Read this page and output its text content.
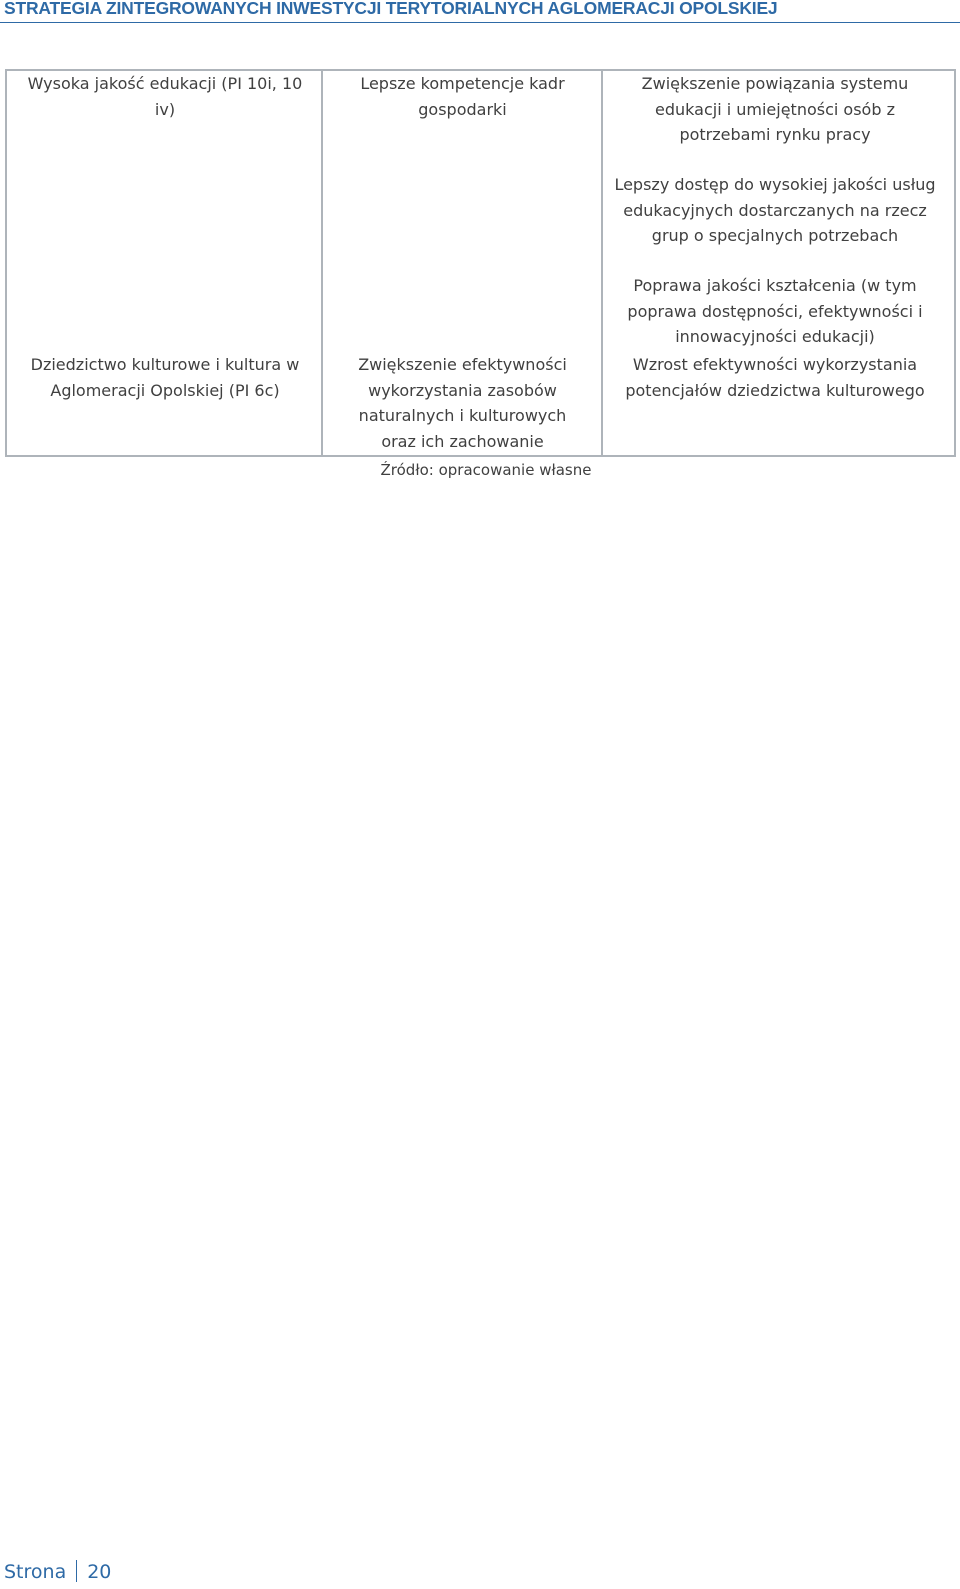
STRATEGIA ZINTEGROWANYCH INWESTYCJI TERYTORIALNYCH AGLOMERACJI OPOLSKIEJ
Wysoka jakość edukacji (PI 10i, 10 iv)
Lepsze kompetencje kadr gospodarki
Zwiększenie powiązania systemu edukacji i umiejętności osób z potrzebami rynku pracy
Lepszy dostęp do wysokiej jakości usług edukacyjnych dostarczanych na rzecz grup o specjalnych potrzebach
Poprawa jakości kształcenia (w tym poprawa dostępności, efektywności i innowacyjności edukacji)
Dziedzictwo kulturowe i kultura w Aglomeracji Opolskiej (PI 6c)
Zwiększenie efektywności wykorzystania zasobów naturalnych i kulturowych oraz ich zachowanie
Wzrost efektywności wykorzystania potencjałów dziedzictwa kulturowego
Źródło: opracowanie własne
Strona 20
